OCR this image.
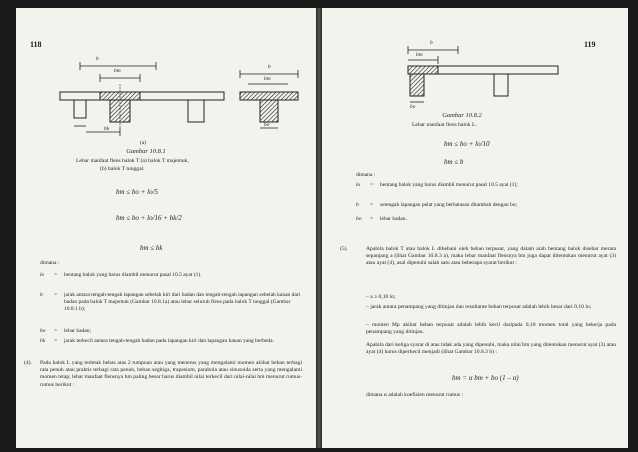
118
b
bm
bk
b
bm
bo
(a)
Gambar 10.8.1
Lebar manfaat flens balok T (a) balok T majemuk,
(b) balok T tunggal.
bm ≤ bo + lo/5
bm ≤ bo + lo/16 + bk/2
bm ≤ bk
dimana :
lo	=	bentang balok yang harus diambil menurut pasal 10.5 ayat (1).
b	=	jarak antara tengah-tengah lapangan sebelah kiri dari badan dan tengah-tengah lapangan sebelah kanan dari badan pada balok T majemuk (Gambar 10.8.1a) atau lebar seluruh flens pada balok T tunggal (Gambar 10.8.1 b);
bo	=	lebar badan;
bk	=	jarak terkecil antara tengah-tengah badan pada lapangan kiri dan lapangan kanan yang berbeda.
(4). Pada balok L yang terletak bebas atas 2 tumpuan atau yang menerus yang mengalami momen akibat beban terbagi rata penuh atau praktis terbagi rata penuh, beban segitiga, trapesium, parabola atau sinusoida serta yang mengalami momen tetap, lebar manfaat flensnya bm paling besar harus diambil nilai terkecil dari nilai-nilai bm menurut rumus-rumus berikut :
119
b
bm
bo
Gambar 10.8.2
Lebar manfaat flens balok L.
bm ≤ bo + lo/10
bm ≤ b
dimana :
lo	=	bentang balok yang harus diambil menurut pasal 10.5 ayat (1);
b	=	setengah lapangan pelat yang berbatasan ditambah dengan bo;
bo	=	lebar badan.
(5).	Apabila balok T atau balok L dibebani oleh beban terpusat, yang dalam arah bentang balok disebar merata sepanjang a (lihat Gambar 10.8.3 a), maka lebar manfaat flensnya bm juga dapat ditentukan menurut ayat (3) atau ayat (4), asal dipenuhi salah satu atau beberapa syarat berikut :
– a ≥ 0,10 lo;
– jarak antara penampang yang ditinjau dan resultante beban terpusat adalah lebih besar dari 0,10 lo;
– momen Mp akibat beban terpusat adalah lebih kecil daripada 0,10 momen total yang bekerja pada penampang yang ditinjau.
Apabila dari ketiga syarat di atas tidak ada yang dipenuhi, maka nilai bm yang ditentukan menurut ayat (3) atau ayat (4) harus diperkecil menjadi (lihat Gambar 10.8.3 b) :
bm = α bm + bo (1 – α)
dimana α adalah koefisien menurut rumus :
